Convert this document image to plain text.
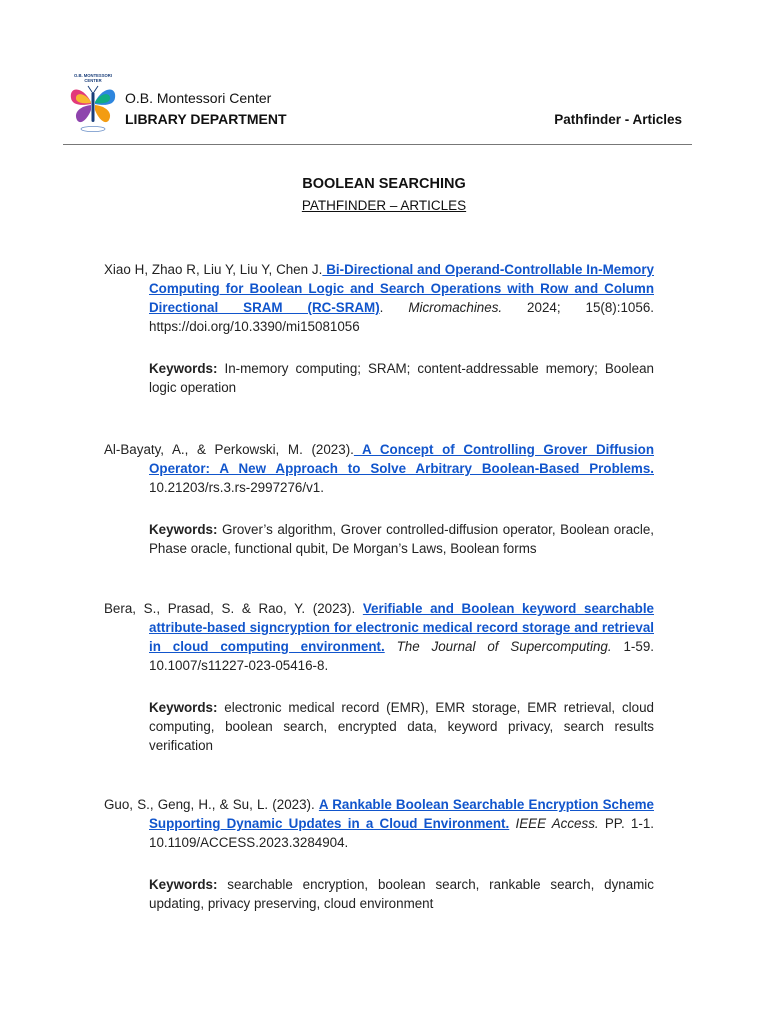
O.B. MONTESSORI
CENTER
O.B. Montessori Center
LIBRARY DEPARTMENT	Pathfinder - Articles
BOOLEAN SEARCHING
PATHFINDER – ARTICLES

Xiao H, Zhao R, Liu Y, Liu Y, Chen J. Bi-Directional and Operand-Controllable In-Memory Computing for Boolean Logic and Search Operations with Row and Column Directional SRAM (RC-SRAM). Micromachines. 2024; 15(8):1056. https://doi.org/10.3390/mi15081056

Keywords: In-memory computing; SRAM; content-addressable memory; Boolean logic operation

Al-Bayaty, A., & Perkowski, M. (2023). A Concept of Controlling Grover Diffusion Operator: A New Approach to Solve Arbitrary Boolean-Based Problems. 10.21203/rs.3.rs-2997276/v1.

Keywords: Grover’s algorithm, Grover controlled-diffusion operator, Boolean oracle, Phase oracle, functional qubit, De Morgan’s Laws, Boolean forms

Bera, S., Prasad, S. & Rao, Y. (2023). Verifiable and Boolean keyword searchable attribute-based signcryption for electronic medical record storage and retrieval in cloud computing environment. The Journal of Supercomputing. 1-59. 10.1007/s11227-023-05416-8.

Keywords: electronic medical record (EMR), EMR storage, EMR retrieval, cloud computing, boolean search, encrypted data, keyword privacy, search results verification

Guo, S., Geng, H., & Su, L. (2023). A Rankable Boolean Searchable Encryption Scheme Supporting Dynamic Updates in a Cloud Environment. IEEE Access. PP. 1-1. 10.1109/ACCESS.2023.3284904.

Keywords: searchable encryption, boolean search, rankable search, dynamic updating, privacy preserving, cloud environment
